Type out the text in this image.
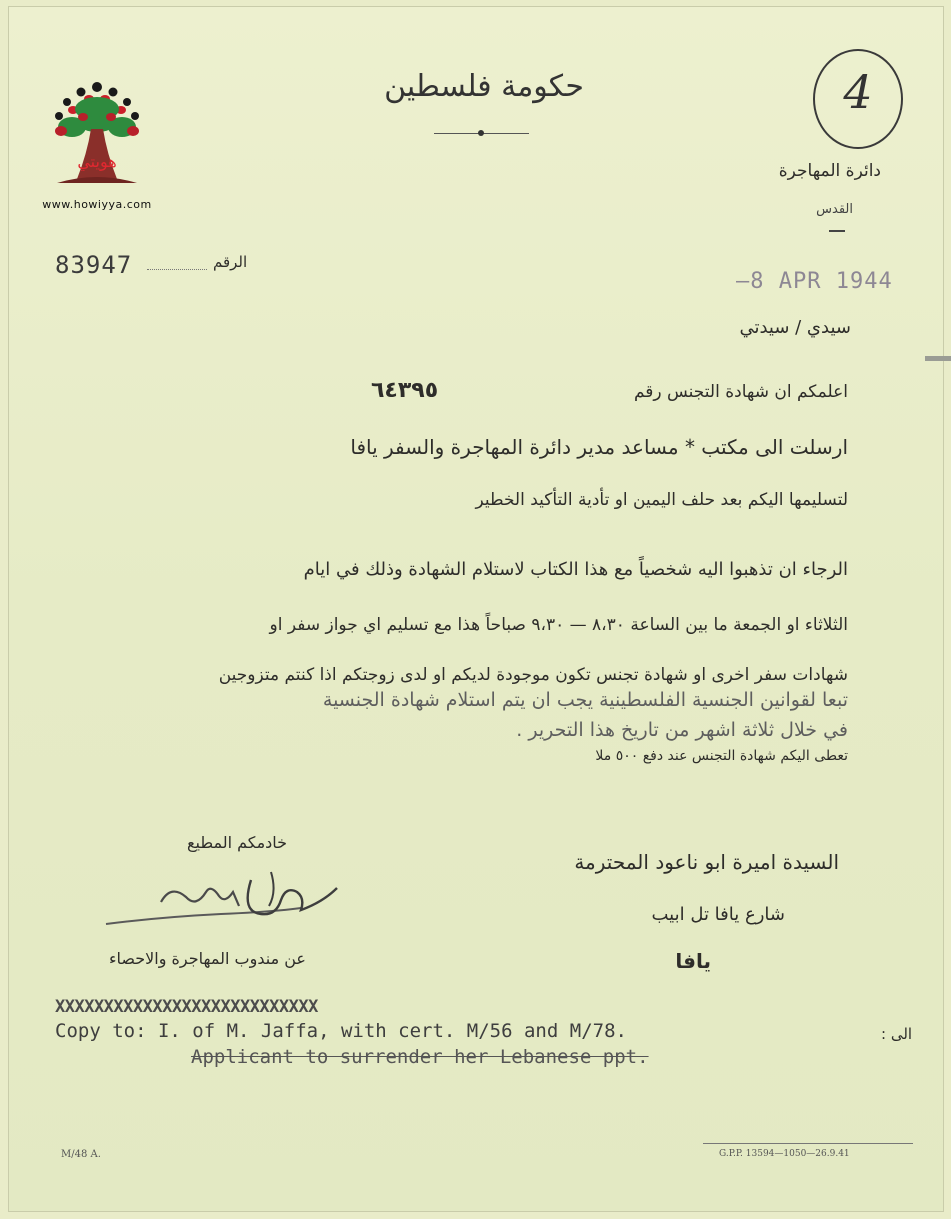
هويتي
www.howiyya.com
حكومة فلسطين	4
دائرة المهاجرة
القدس
83947	الرقم
—8 APR 1944
سيدي / سيدتي
اعلمكم ان شهادة التجنس رقم
٦٤٣٩٥
ارسلت الى مكتب * مساعد مدير دائرة المهاجرة والسفر يافا
لتسليمها اليكم بعد حلف اليمين او تأدية التأكيد الخطير
الرجاء ان تذهبوا اليه شخصياً مع هذا الكتاب لاستلام الشهادة وذلك في ايام
الثلاثاء او الجمعة ما بين الساعة ٨،٣٠ — ٩،٣٠ صباحاً هذا مع تسليم اي جواز سفر او
شهادات سفر اخرى او شهادة تجنس تكون موجودة لديكم او لدى زوجتكم اذا كنتم متزوجين
تبعا لقوانين الجنسية الفلسطينية يجب ان يتم استلام شهادة الجنسية
في خلال ثلاثة اشهر من تاريخ هذا التحرير .
تعطى اليكم شهادة التجنس عند دفع ٥٠٠ ملا
خادمكم المطيع
عن مندوب المهاجرة والاحصاء
السيدة اميرة ابو ناعود المحترمة
شارع يافا تل ابيب
يافا
XXXXXXXXXXXXXXXXXXXXXXXXXXX
Copy to: I. of M. Jaffa, with cert. M/56 and M/78.
Applicant to surrender her Lebanese ppt.
الى :
M/48 A.	G.P.P. 13594—1050—26.9.41
